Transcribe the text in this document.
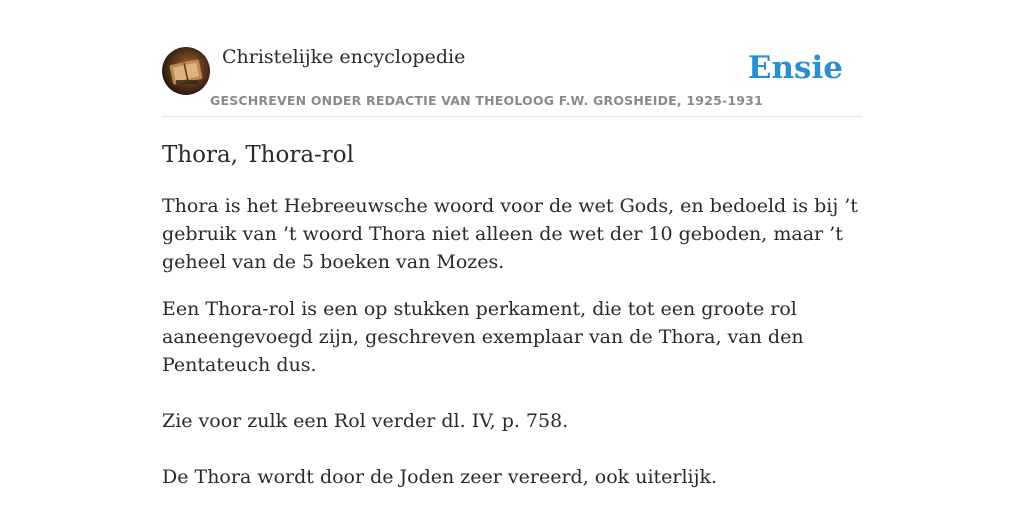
Christelijke encyclopedie
GESCHREVEN ONDER REDACTIE VAN THEOLOOG F.W. GROSHEIDE, 1925-1931
Ensie
Thora, Thora-rol

Thora is het Hebreeuwsche woord voor de wet Gods, en bedoeld is bij ’t gebruik van ’t woord Thora niet alleen de wet der 10 geboden, maar ’t geheel van de 5 boeken van Mozes.

Een Thora-rol is een op stukken perkament, die tot een groote rol aaneengevoegd zijn, geschreven exemplaar van de Thora, van den Pentateuch dus.

Zie voor zulk een Rol verder dl. IV, p. 758.

De Thora wordt door de Joden zeer vereerd, ook uiterlijk.
